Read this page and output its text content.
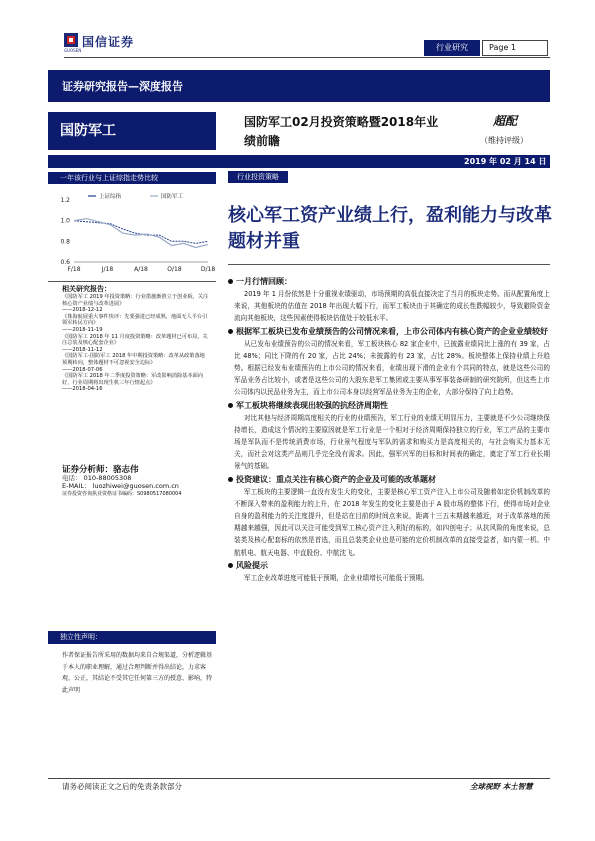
国信证券
GUOSEN	行业研究	Page 1
证券研究报告—深度报告
国防军工
国防军工02月投资策略暨2018年业绩前瞻
超配
（维持评级）
2019 年 02 月 14 日
一年该行业与上证综指走势比较
1.2
1.0
0.8
0.6
F/18	J/18	A/18	O/18	D/18
上证综指	国防军工
相关研究报告：
《国防军工 2019 年投资策略：行业措施渐推立于创业板，关注核心资产业绩与改革进展》
——2018-12-12
《珠海航展重大事件快评：先要强进已经成熟，地面无人平台引领军转民方向》
——2018-11-19
《国防军工 2018 年 11 月度投资策略：改革题材已可布局，关注总装及核心配套企业》
——2018-11-12
《国防军工-国防军工 2018 年中期投资策略：改革从政策落地预期转向，整体题材不可忽视安全边际》
——2018-07-06
《国防军工 2018 年二季度投资策略：军改影响消除基本面向好，行业周期将出现生机三年行情起点》
——2018-04-16
证券分析师：骆志伟
电话： 010-88005308
E-MAIL： luozhiwei@guosen.com.cn
证券投资咨询执业资格证书编码：S0980517080004
独立性声明：
作者保证报告所采用的数据均来自合规渠道，分析逻辑基于本人的职业理解，通过合理判断并得出结论，力求客观、公正，其结论不受其它任何第三方的授意、影响，特此声明
行业投资策略
核心军工资产业绩上行，盈利能力与改革题材并重
一月行情回顾：
2019 年 1 月份依然是十分重视业绩驱动，市场预期的高低直接决定了当月的板块走势。而从配置角度上来说，其他板块的估值在 2018 年出现大幅下行，而军工板块由于其确定的成长性跌幅较少，导致避险资金流向其他板块，这些因素使得板块估值处于较低水平。
根据军工板块已发布业绩预告的公司情况来看，上市公司体内有核心资产的企业业绩较好
从已发布业绩预告的公司的情况来看，军工板块核心 82 家企业中，已披露业绩同比上涨的有 39 家，占比 48%；同比下降的有 20 家，占比 24%；未披露的有 23 家，占比 28%。板块整体上保持业绩上升趋势。根据已经发布业绩预告的上市公司的情况来看，业绩出现下滑的企业有个共同的特点，就是这些公司的军品业务占比较小，或者是这些公司的大股东是军工集团或主要从事军事装备研制的研究院所，但这些上市公司体内以民品业务为主，而上市公司本身以经营军品业务为主的企业，大部分保持了向上趋势。
军工板块将继续表现出较强的抗经济周期性
对比其他与经济周期高度相关的行业的业绩预告，军工行业的业绩无明显压力，主要就是不少公司继续保持增长，造成这个情况的主要原因就是军工行业是一个相对于经济周期保持独立的行业，军工产品的主要市场是军队而不是传统消费市场，行业景气程度与军队的需求和购买力是高度相关的，与社会购买力基本无关，而社会对这类产品则几乎完全没有需求。因此，强军兴军的目标和时间表的确定，奠定了军工行业长期景气的基础。
投资建议：重点关注有核心资产的企业及可能的改革题材
军工板块的主要逻辑一直没有发生大的变化，主要是核心军工资产注入上市公司及随着如定价机制改革的不断深入带来的盈利能力的上升，在 2018 年发生的变化主要是由于 A 股市场的整体下行，使得市场对企业自身的盈利能力的关注度提升，但是站在目前的时间点来说，距离十三五末期越来越近，对于改革落地的预期越来越强，因此可以关注可能受到军工核心资产注入利好的标的，如四创电子；从抗风险的角度来说，总装类及核心配套标的依然是首选，而且总装类企业也是可能的定价机制改革的直接受益者，如内蒙一机、中航机电、航天电器、中直股份、中航沈飞。
风险提示
军工企业改革进度可能低于预期，企业业绩增长可能低于预期。
请务必阅读正文之后的免责条款部分	全球视野 本土智慧
